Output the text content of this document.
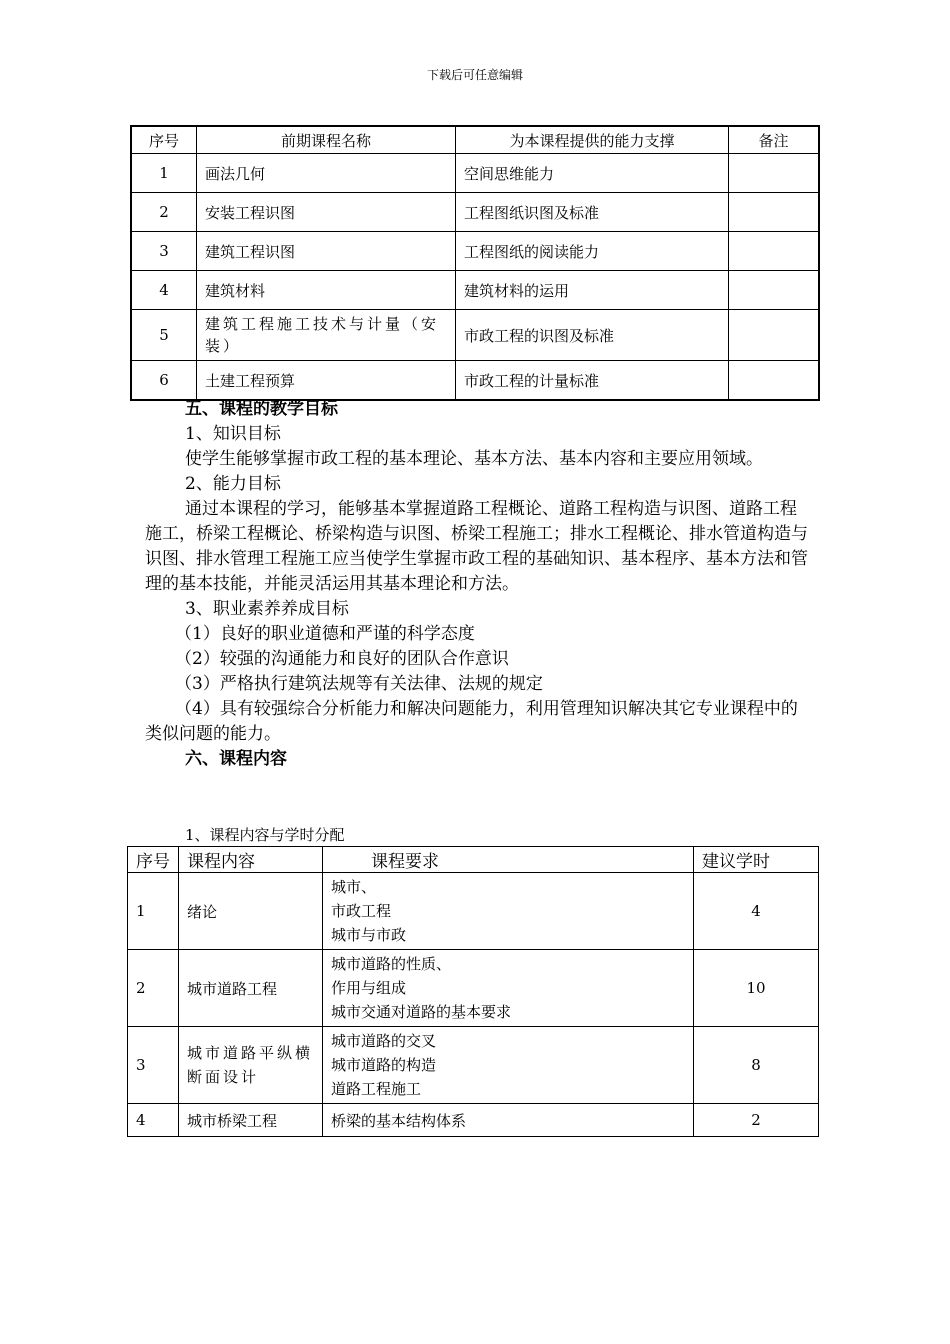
下载后可任意编辑
序号	前期课程名称	为本课程提供的能力支撑	备注
1	画法几何	空间思维能力	
2	安装工程识图	工程图纸识图及标准	
3	建筑工程识图	工程图纸的阅读能力	
4	建筑材料	建筑材料的运用	
5	建筑工程施工技术与计量（安装）	市政工程的识图及标准	
6	土建工程预算	市政工程的计量标准	

五、课程的教学目标

1、知识目标

使学生能够掌握市政工程的基本理论、基本方法、基本内容和主要应用领域。

2、能力目标

通过本课程的学习，能够基本掌握道路工程概论、道路工程构造与识图、道路工程施工，桥梁工程概论、桥梁构造与识图、桥梁工程施工；排水工程概论、排水管道构造与识图、排水管理工程施工应当使学生掌握市政工程的基础知识、基本程序、基本方法和管理的基本技能，并能灵活运用其基本理论和方法。

3、职业素养养成目标

（1）良好的职业道德和严谨的科学态度

（2）较强的沟通能力和良好的团队合作意识

（3）严格执行建筑法规等有关法律、法规的规定

（4）具有较强综合分析能力和解决问题能力，利用管理知识解决其它专业课程中的类似问题的能力。

六、课程内容

1、课程内容与学时分配
序号	课程内容	课程要求	建议学时
1	绪论	城市、
市政工程
城市与市政	4
2	城市道路工程	城市道路的性质、
作用与组成
城市交通对道路的基本要求	10
3	城市道路平纵横断面设计	城市道路的交叉
城市道路的构造
道路工程施工	8
4	城市桥梁工程	桥梁的基本结构体系	2
